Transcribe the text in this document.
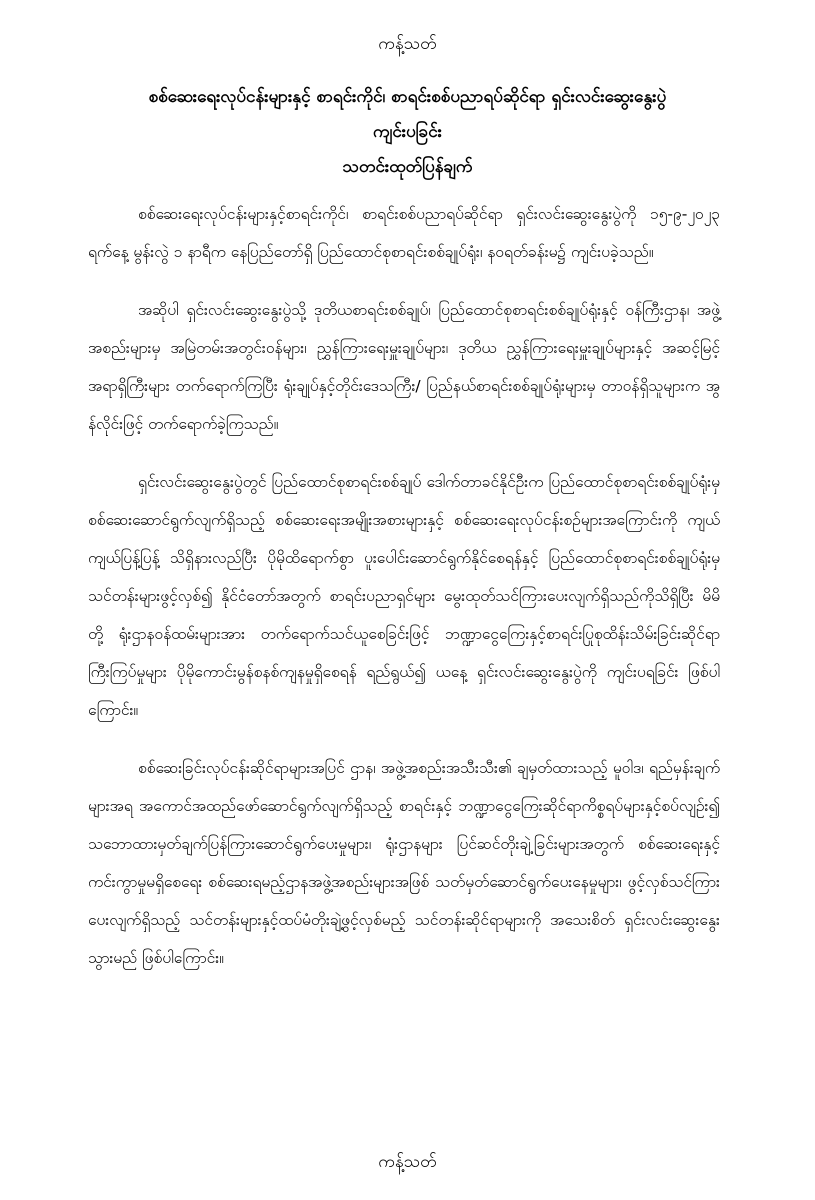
ကန့်သတ်
စစ်ဆေးရေးလုပ်ငန်းများနှင့် စာရင်းကိုင်၊ စာရင်းစစ်ပညာရပ်ဆိုင်ရာ ရှင်းလင်းဆွေးနွေးပွဲ
ကျင်းပခြင်း
သတင်းထုတ်ပြန်ချက်

စစ်ဆေးရေးလုပ်ငန်းများနှင့်စာရင်းကိုင်၊ စာရင်းစစ်ပညာရပ်ဆိုင်ရာ ရှင်းလင်းဆွေးနွေးပွဲကို ၁၅-၉-၂၀၂၃ ရက်နေ့ မွန်းလွဲ ၁ နာရီက နေပြည်တော်ရှိ ပြည်ထောင်စုစာရင်းစစ်ချုပ်ရုံး၊ နဝရတ်ခန်းမ၌ ကျင်းပခဲ့သည်။

အဆိုပါ ရှင်းလင်းဆွေးနွေးပွဲသို့ ဒုတိယစာရင်းစစ်ချုပ်၊ ပြည်ထောင်စုစာရင်းစစ်ချုပ်ရုံးနှင့် ဝန်ကြီးဌာန၊ အဖွဲ့အစည်းများမှ အမြဲတမ်းအတွင်းဝန်များ၊ ညွှန်ကြားရေးမှူးချုပ်များ၊ ဒုတိယ ညွှန်ကြားရေးမှူးချုပ်များနှင့် အဆင့်မြင့်အရာရှိကြီးများ တက်ရောက်ကြပြီး ရုံးချုပ်နှင့်တိုင်းဒေသကြီး/ ပြည်နယ်စာရင်းစစ်ချုပ်ရုံးများမှ တာဝန်ရှိသူများက အွန်လိုင်းဖြင့် တက်ရောက်ခဲ့ကြသည်။

ရှင်းလင်းဆွေးနွေးပွဲတွင် ပြည်ထောင်စုစာရင်းစစ်ချုပ် ဒေါက်တာခင်နိုင်ဦးက ပြည်ထောင်စုစာရင်းစစ်ချုပ်ရုံးမှ စစ်ဆေးဆောင်ရွက်လျက်ရှိသည့် စစ်ဆေးရေးအမျိုးအစားများနှင့် စစ်ဆေးရေးလုပ်ငန်းစဉ်များအကြောင်းကို ကျယ်ကျယ်ပြန့်ပြန့် သိရှိနားလည်ပြီး ပိုမိုထိရောက်စွာ ပူးပေါင်းဆောင်ရွက်နိုင်စေရန်နှင့် ပြည်ထောင်စုစာရင်းစစ်ချုပ်ရုံးမှ သင်တန်းများဖွင့်လှစ်၍ နိုင်ငံတော်အတွက် စာရင်းပညာရှင်များ မွေးထုတ်သင်ကြားပေးလျက်ရှိသည်ကိုသိရှိပြီး မိမိတို့ ရုံးဌာနဝန်ထမ်းများအား တက်ရောက်သင်ယူစေခြင်းဖြင့် ဘဏ္ဍာငွေကြေးနှင့်စာရင်းပြုစုထိန်းသိမ်းခြင်းဆိုင်ရာကြီးကြပ်မှုများ ပိုမိုကောင်းမွန်စနစ်ကျနမှုရှိစေရန် ရည်ရွယ်၍ ယနေ့ ရှင်းလင်းဆွေးနွေးပွဲကို ကျင်းပရခြင်း ဖြစ်ပါကြောင်း။

စစ်ဆေးခြင်းလုပ်ငန်းဆိုင်ရာများအပြင် ဌာန၊ အဖွဲ့အစည်းအသီးသီး၏ ချမှတ်ထားသည့် မူဝါဒ၊ ရည်မှန်းချက်များအရ အကောင်အထည်ဖော်ဆောင်ရွက်လျက်ရှိသည့် စာရင်းနှင့် ဘဏ္ဍာငွေကြေးဆိုင်ရာကိစ္စရပ်များနှင့်စပ်လျဉ်း၍ သဘောထားမှတ်ချက်ပြန်ကြားဆောင်ရွက်ပေးမှုများ၊ ရုံးဌာနများ ပြင်ဆင်တိုးချဲ့ခြင်းများအတွက် စစ်ဆေးရေးနှင့် ကင်းကွာမှုမရှိစေရေး စစ်ဆေးရမည့်ဌာနအဖွဲ့အစည်းများအဖြစ် သတ်မှတ်ဆောင်ရွက်ပေးနေမှုများ၊ ဖွင့်လှစ်သင်ကြားပေးလျက်ရှိသည့် သင်တန်းများနှင့်ထပ်မံတိုးချဲ့ဖွင့်လှစ်မည့် သင်တန်းဆိုင်ရာများကို အသေးစိတ် ရှင်းလင်းဆွေးနွေးသွားမည် ဖြစ်ပါကြောင်း။

ကန့်သတ်
